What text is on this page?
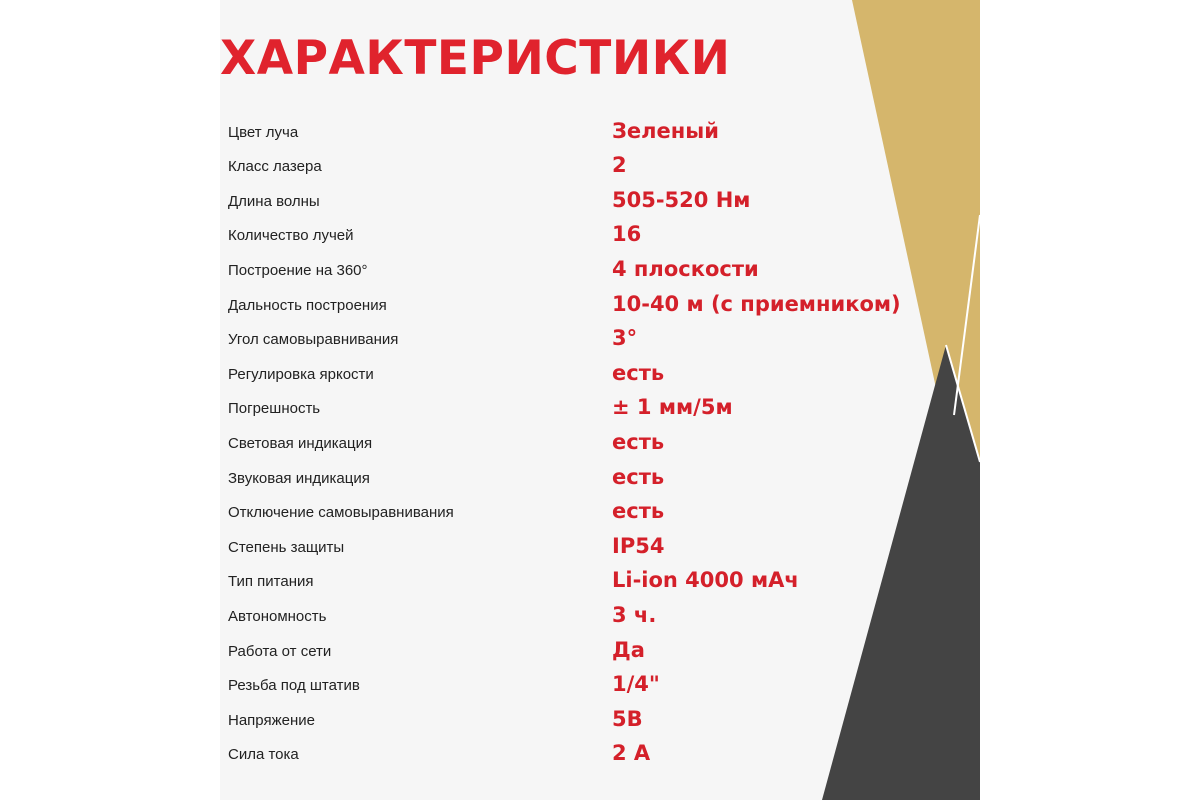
ХАРАКТЕРИСТИКИ
Цвет луча	Зеленый
Класс лазера	2
Длина волны	505-520 Нм
Количество лучей	16
Построение на 360°	4 плоскости
Дальность построения	10-40 м (с приемником)
Угол самовыравнивания	3°
Регулировка яркости	есть
Погрешность	± 1 мм/5м
Световая индикация	есть
Звуковая индикация	есть
Отключение самовыравнивания	есть
Степень защиты	IP54
Тип питания	Li-ion 4000 мАч
Автономность	3 ч.
Работа от сети	Да
Резьба под штатив	1/4"
Напряжение	5В
Сила тока	2 А
